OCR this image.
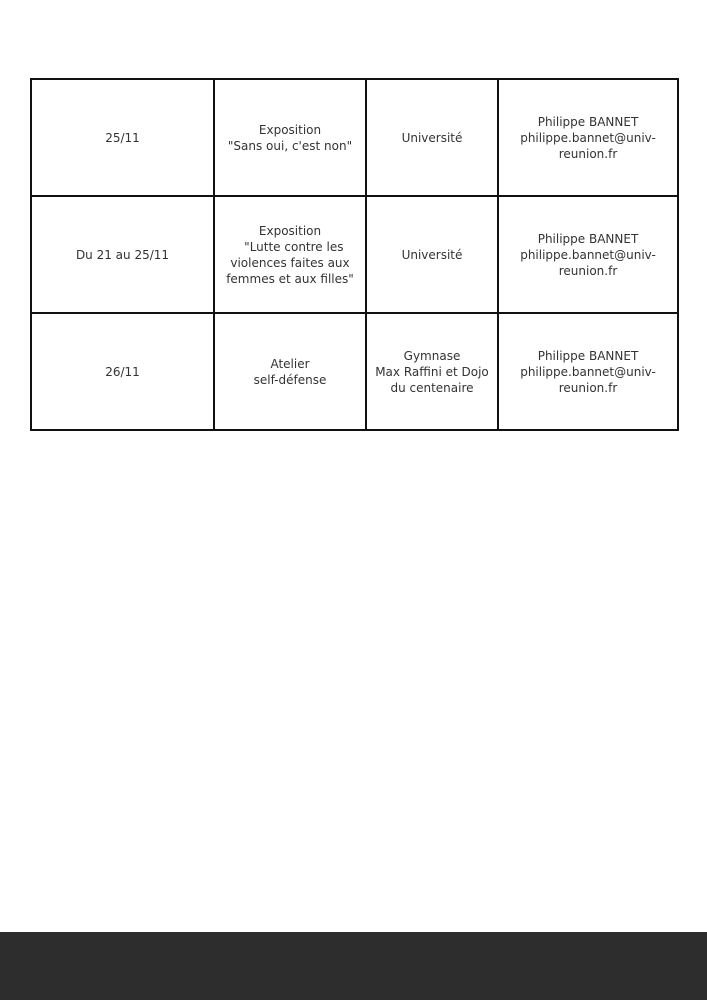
25/11	Exposition
"Sans oui, c'est non"	Université	Philippe BANNET
philippe.bannet@univ-
reunion.fr

Du 21 au 25/11	Exposition
"Lutte contre les
violences faites aux
femmes et aux filles"	Université	Philippe BANNET
philippe.bannet@univ-
reunion.fr

26/11	Atelier
self-défense	Gymnase
Max Raffini et Dojo
du centenaire	Philippe BANNET
philippe.bannet@univ-
reunion.fr
